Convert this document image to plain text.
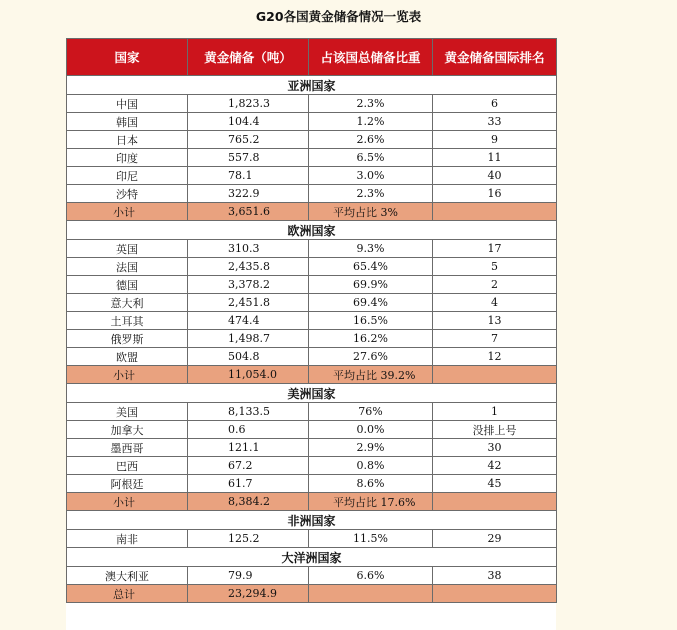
G20各国黄金储备情况一览表
国家	黄金储备（吨）	占该国总储备比重	黄金储备国际排名
亚洲国家			
中国	1,823.3	2.3%	6
韩国	104.4	1.2%	33
日本	765.2	2.6%	9
印度	557.8	6.5%	11
印尼	78.1	3.0%	40
沙特	322.9	2.3%	16
小计	3,651.6	平均占比 3%	
欧洲国家			
英国	310.3	9.3%	17
法国	2,435.8	65.4%	5
德国	3,378.2	69.9%	2
意大利	2,451.8	69.4%	4
土耳其	474.4	16.5%	13
俄罗斯	1,498.7	16.2%	7
欧盟	504.8	27.6%	12
小计	11,054.0	平均占比 39.2%	
美洲国家			
美国	8,133.5	76%	1
加拿大	0.6	0.0%	没排上号
墨西哥	121.1	2.9%	30
巴西	67.2	0.8%	42
阿根廷	61.7	8.6%	45
小计	8,384.2	平均占比 17.6%	
非洲国家			
南非	125.2	11.5%	29
大洋洲国家			
澳大利亚	79.9	6.6%	38
总计	23,294.9		
